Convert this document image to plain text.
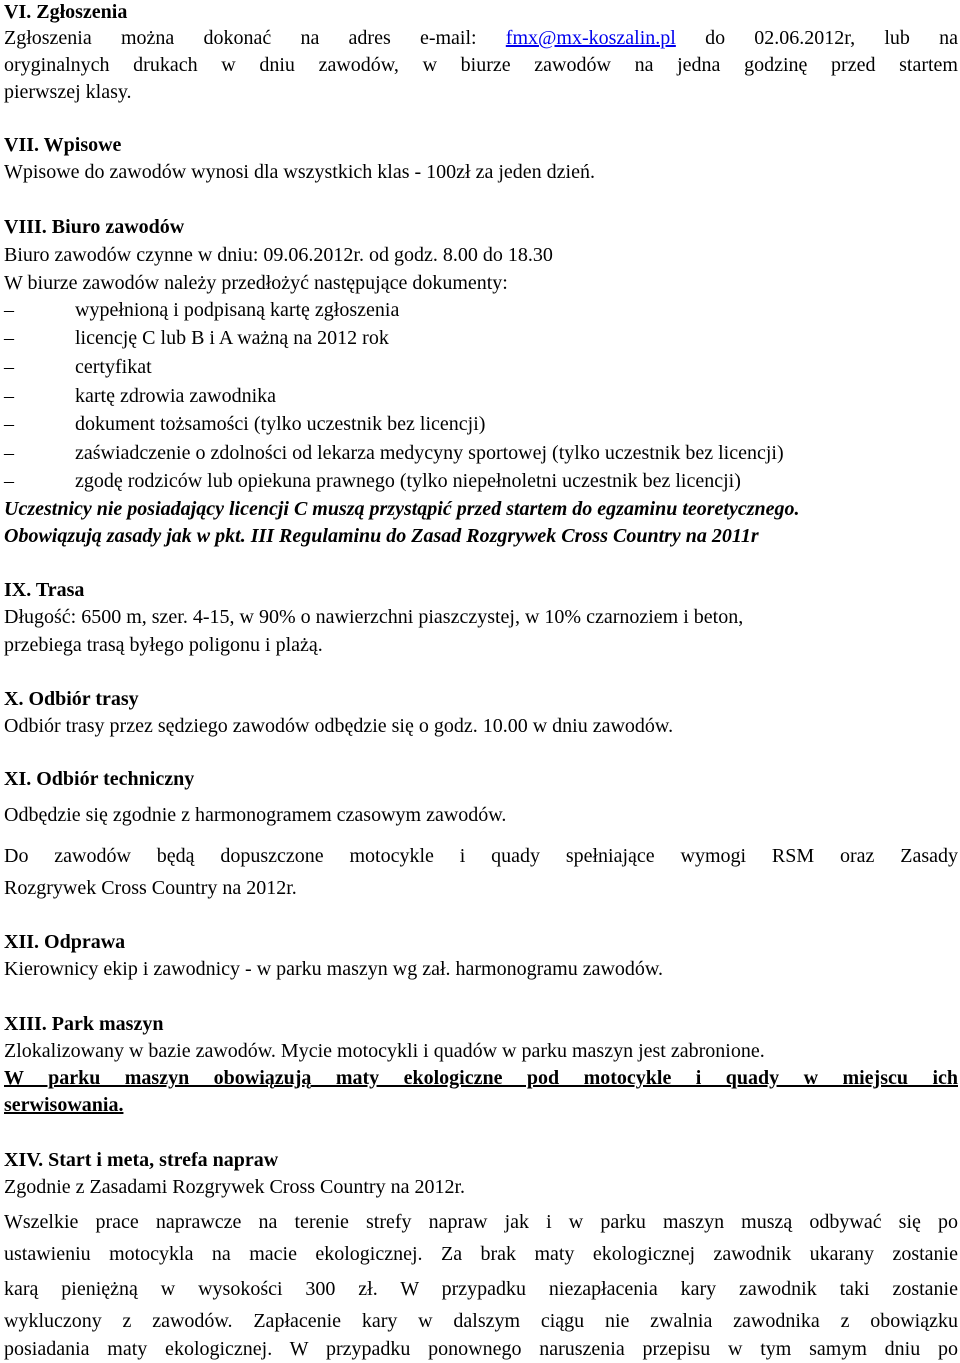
VI. Zgłoszenia
Zgłoszenia można dokonać na adres e-mail: fmx@mx-koszalin.pl do 02.06.2012r, lub na
oryginalnych drukach w dniu zawodów, w biurze zawodów na jedna godzinę przed startem
pierwszej klasy.
VII. Wpisowe
Wpisowe do zawodów wynosi dla wszystkich klas - 100zł za jeden dzień.
VIII. Biuro zawodów
Biuro zawodów czynne w dniu: 09.06.2012r. od godz. 8.00 do 18.30
W biurze zawodów należy przedłożyć następujące dokumenty:
–	wypełnioną i podpisaną kartę zgłoszenia
–	licencję C lub B i A ważną na 2012 rok
–	certyfikat
–	kartę zdrowia zawodnika
–	dokument tożsamości (tylko uczestnik bez licencji)
–	zaświadczenie o zdolności od lekarza medycyny sportowej (tylko uczestnik bez licencji)
–	zgodę rodziców lub opiekuna prawnego (tylko niepełnoletni uczestnik bez licencji)
Uczestnicy nie posiadający licencji C muszą przystąpić przed startem do egzaminu teoretycznego.
Obowiązują zasady jak w pkt. III Regulaminu do Zasad Rozgrywek Cross Country na 2011r
IX. Trasa
Długość: 6500 m, szer. 4-15, w 90% o nawierzchni piaszczystej, w 10% czarnoziem i beton,
przebiega trasą byłego poligonu i plażą.
X. Odbiór trasy
Odbiór trasy przez sędziego zawodów odbędzie się o godz. 10.00 w dniu zawodów.
XI. Odbiór techniczny
Odbędzie się zgodnie z harmonogramem czasowym zawodów.
Do zawodów będą dopuszczone motocykle i quady spełniające wymogi RSM oraz Zasady
Rozgrywek Cross Country na 2012r.
XII. Odprawa
Kierownicy ekip i zawodnicy - w parku maszyn wg zał. harmonogramu zawodów.
XIII. Park maszyn
Zlokalizowany w bazie zawodów. Mycie motocykli i quadów w parku maszyn jest zabronione.
W parku maszyn obowiązują maty ekologiczne pod motocykle i quady w miejscu ich
serwisowania.
XIV. Start i meta, strefa napraw
Zgodnie z Zasadami Rozgrywek Cross Country na 2012r.
Wszelkie prace naprawcze na terenie strefy napraw jak i w parku maszyn muszą odbywać się po
ustawieniu motocykla na macie ekologicznej. Za brak maty ekologicznej zawodnik ukarany zostanie
karą pieniężną w wysokości 300 zł. W przypadku niezapłacenia kary zawodnik taki zostanie
wykluczony z zawodów. Zapłacenie kary w dalszym ciągu nie zwalnia zawodnika z obowiązku
posiadania maty ekologicznej. W przypadku ponownego naruszenia przepisu w tym samym dniu po
